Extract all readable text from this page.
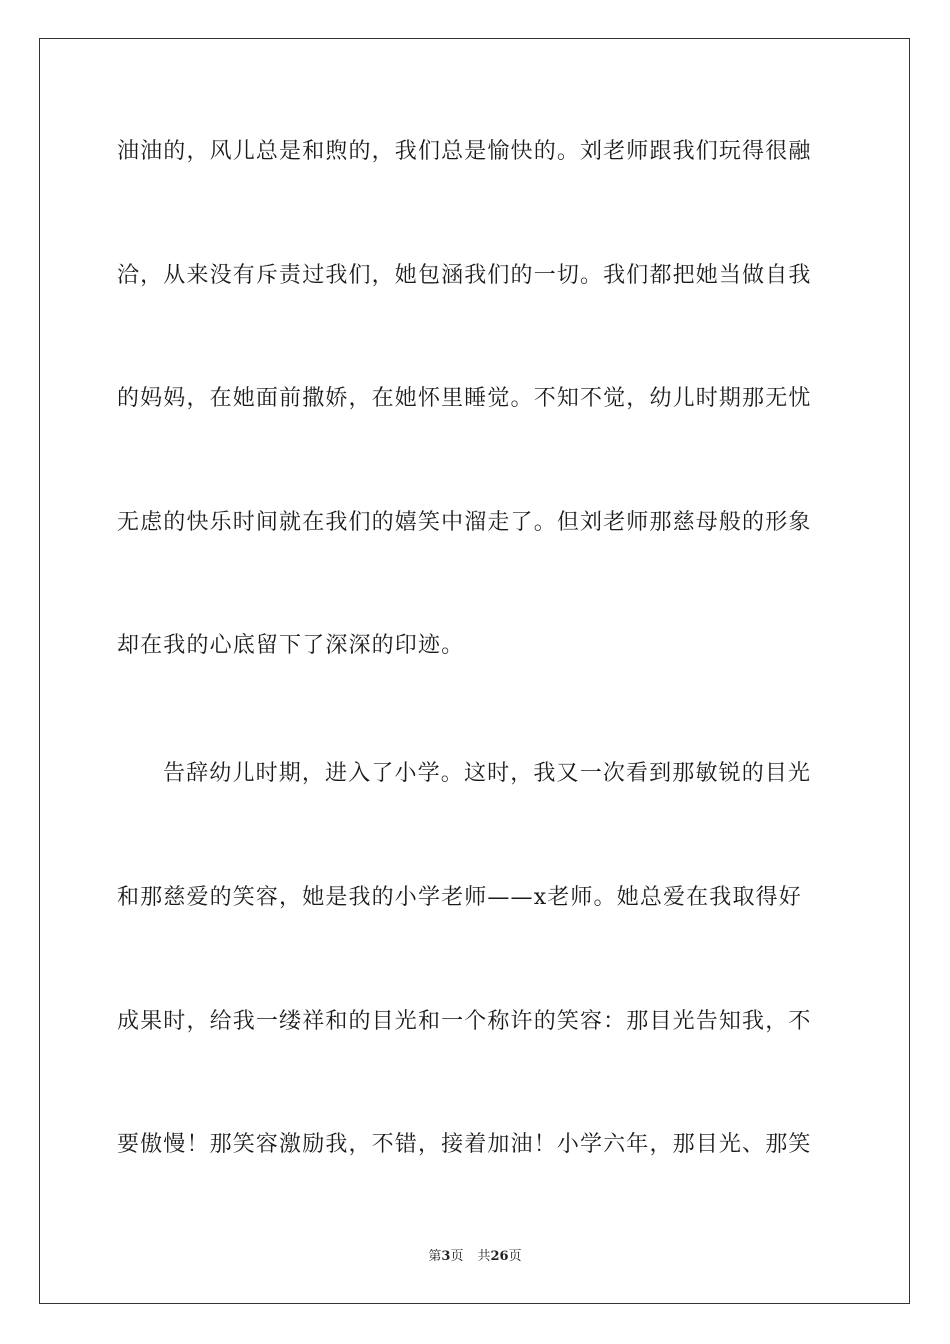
油油的，风儿总是和煦的，我们总是愉快的。刘老师跟我们玩得很融
洽，从来没有斥责过我们，她包涵我们的一切。我们都把她当做自我
的妈妈，在她面前撒娇，在她怀里睡觉。不知不觉，幼儿时期那无忧
无虑的快乐时间就在我们的嬉笑中溜走了。但刘老师那慈母般的形象
却在我的心底留下了深深的印迹。
告辞幼儿时期，进入了小学。这时，我又一次看到那敏锐的目光
和那慈爱的笑容，她是我的小学老师——x老师。她总爱在我取得好
成果时，给我一缕祥和的目光和一个称许的笑容：那目光告知我，不
要傲慢！那笑容激励我，不错，接着加油！小学六年，那目光、那笑
第3页 共26页
